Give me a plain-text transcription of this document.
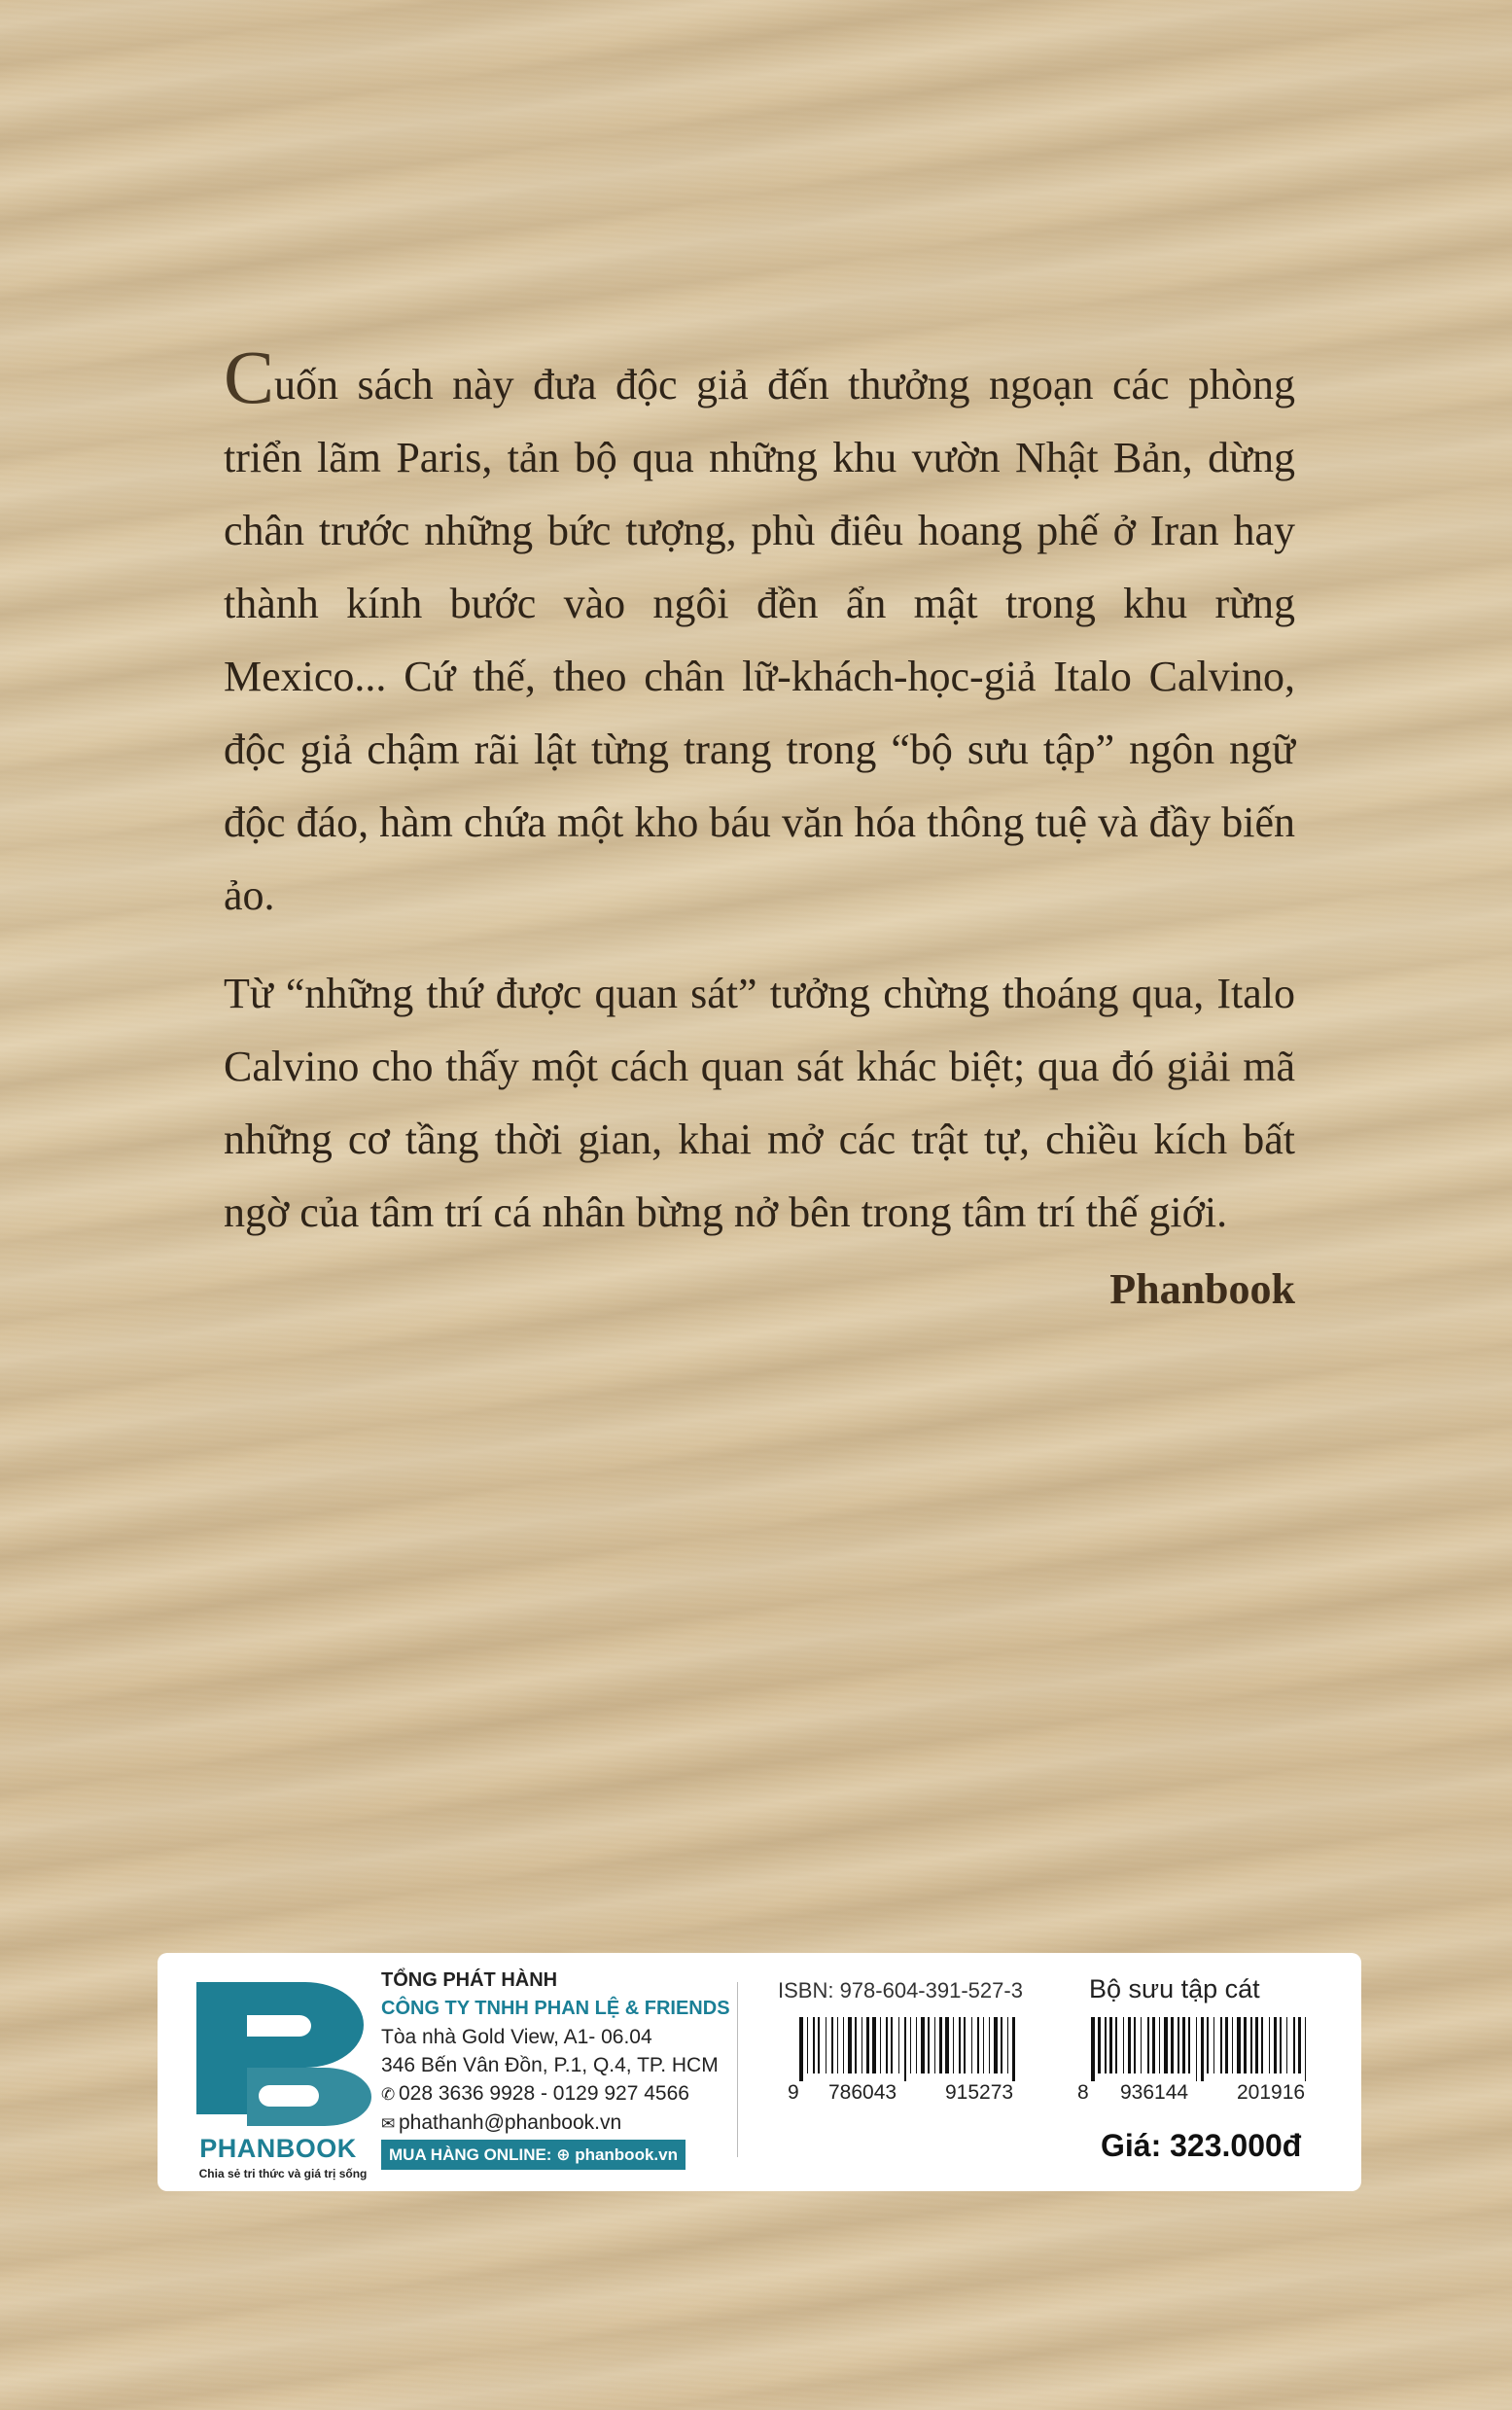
Cuốn sách này đưa độc giả đến thưởng ngoạn các phòng triển lãm Paris, tản bộ qua những khu vườn Nhật Bản, dừng chân trước những bức tượng, phù điêu hoang phế ở Iran hay thành kính bước vào ngôi đền ẩn mật trong khu rừng Mexico... Cứ thế, theo chân lữ-khách-học-giả Italo Calvino, độc giả chậm rãi lật từng trang trong “bộ sưu tập” ngôn ngữ độc đáo, hàm chứa một kho báu văn hóa thông tuệ và đầy biến ảo.

Từ “những thứ được quan sát” tưởng chừng thoáng qua, Italo Calvino cho thấy một cách quan sát khác biệt; qua đó giải mã những cơ tầng thời gian, khai mở các trật tự, chiều kích bất ngờ của tâm trí cá nhân bừng nở bên trong tâm trí thế giới.

Phanbook
PHANBOOK
Chia sẻ tri thức và giá trị sống
TỔNG PHÁT HÀNH
CÔNG TY TNHH PHAN LỆ & FRIENDS
Tòa nhà Gold View, A1- 06.04
346 Bến Vân Đồn, P.1, Q.4, TP. HCM
✆ 028 3636 9928 - 0129 927 4566
✉ phathanh@phanbook.vn
MUA HÀNG ONLINE: ⊕ phanbook.vn
ISBN: 978-604-391-527-3	Bộ sưu tập cát
9 786043 915273	8 936144 201916
Giá: 323.000đ
